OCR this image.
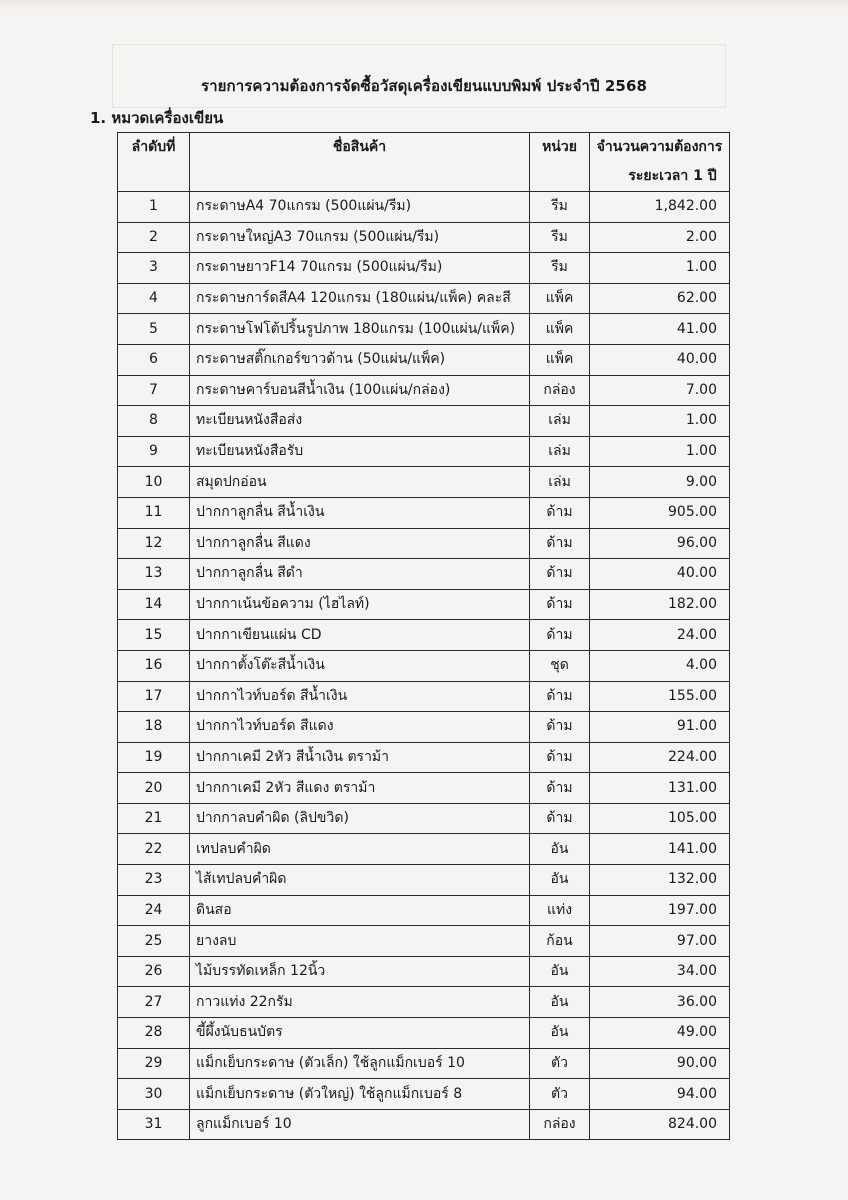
รายการความต้องการจัดซื้อวัสดุเครื่องเขียนแบบพิมพ์ ประจำปี 2568
1. หมวดเครื่องเขียน
ลำดับที่	ชื่อสินค้า	หน่วย	จำนวนความต้องการ
ระยะเวลา 1 ปี

1	กระดาษA4 70แกรม (500แผ่น/รีม)	รีม	1,842.00
2	กระดาษใหญ่A3 70แกรม (500แผ่น/รีม)	รีม	2.00
3	กระดาษยาวF14 70แกรม (500แผ่น/รีม)	รีม	1.00
4	กระดาษการ์ดสีA4 120แกรม (180แผ่น/แพ็ค) คละสี	แพ็ค	62.00
5	กระดาษโฟโต้ปริ้นรูปภาพ 180แกรม (100แผ่น/แพ็ค)	แพ็ค	41.00
6	กระดาษสติ๊กเกอร์ขาวด้าน (50แผ่น/แพ็ค)	แพ็ค	40.00
7	กระดาษคาร์บอนสีน้ำเงิน (100แผ่น/กล่อง)	กล่อง	7.00
8	ทะเบียนหนังสือส่ง	เล่ม	1.00
9	ทะเบียนหนังสือรับ	เล่ม	1.00
10	สมุดปกอ่อน	เล่ม	9.00
11	ปากกาลูกลื่น สีน้ำเงิน	ด้าม	905.00
12	ปากกาลูกลื่น สีแดง	ด้าม	96.00
13	ปากกาลูกลื่น สีดำ	ด้าม	40.00
14	ปากกาเน้นข้อความ (ไฮไลท์)	ด้าม	182.00
15	ปากกาเขียนแผ่น CD	ด้าม	24.00
16	ปากกาตั้งโต๊ะสีน้ำเงิน	ชุด	4.00
17	ปากกาไวท์บอร์ด สีน้ำเงิน	ด้าม	155.00
18	ปากกาไวท์บอร์ด สีแดง	ด้าม	91.00
19	ปากกาเคมี 2หัว สีน้ำเงิน ตราม้า	ด้าม	224.00
20	ปากกาเคมี 2หัว สีแดง ตราม้า	ด้าม	131.00
21	ปากกาลบคำผิด (ลิปขวิด)	ด้าม	105.00
22	เทปลบคำผิด	อัน	141.00
23	ไส้เทปลบคำผิด	อัน	132.00
24	ดินสอ	แท่ง	197.00
25	ยางลบ	ก้อน	97.00
26	ไม้บรรทัดเหล็ก 12นิ้ว	อัน	34.00
27	กาวแท่ง 22กรัม	อัน	36.00
28	ขี้ผึ้งนับธนบัตร	อัน	49.00
29	แม็กเย็บกระดาษ (ตัวเล็ก) ใช้ลูกแม็กเบอร์ 10	ตัว	90.00
30	แม็กเย็บกระดาษ (ตัวใหญ่) ใช้ลูกแม็กเบอร์ 8	ตัว	94.00
31	ลูกแม็กเบอร์ 10	กล่อง	824.00
